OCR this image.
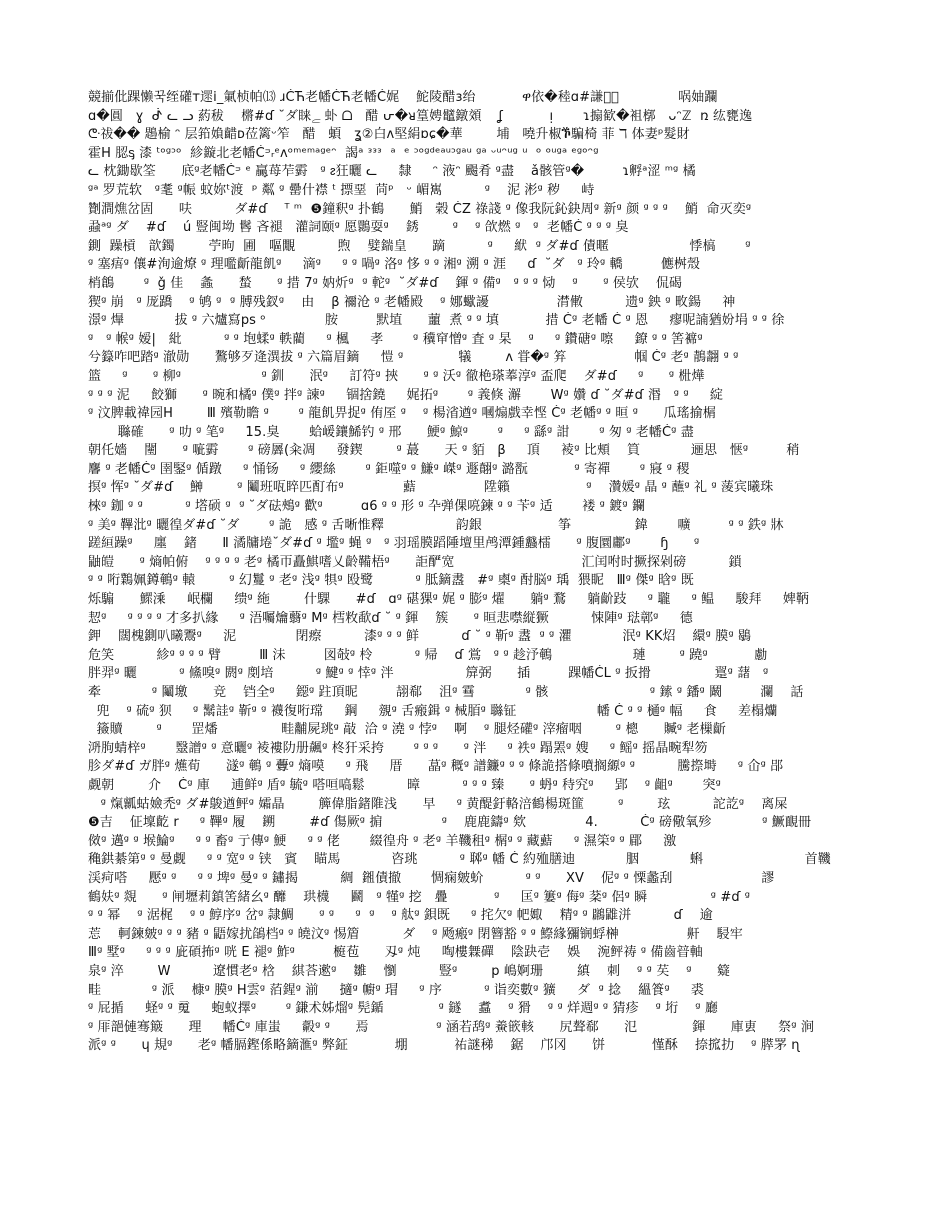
競揃仳踝懒꾹绖礶ᴛ遝i_氭桢帕⒀ ɹĆЋ老幡ĆЋ老幡Ć娓    鮀陵醋ɜ绐           ዋ依�稑ɑ#謙醓᷀              㖞妯躝
ɑ�圓   ɣ  ᕸ ᓚ ᓗ 葯秡    㯍#ɗ ˘ダ睐ﮯ 虲 ᗝ   醋 ᕂ�ᴚ篁娉鼊鐓頝    ʆ           ᴉ       ɿ搧歓�袓槨   ᴗᵔℤ  ռ 纮甕逸
ᣤ祓�� 鶗榆 ᵔ 层筘媍齰ᴅ莅篱ᵕ笮   醋   蝢   ʓ②⽩ᴧ堅絹ɒɕ�華        埔   嘵升椒ⷖ騙椅 菲 ℸ 体妻ᵖ髮財
霍H 䏰ᶊ 漆 ᵗᵒᵍᵓᵒ  紾鏇北老幡Ćᵙᵣᵉᴧᵒᵐᵉᵐᵃᵍᵉᵔ  謁ᵃ ᵌᵌᵌ  ᵃ  ᵉ ᵓᵒᵍᵈᵉᵃᵘᵓᵍᵃᵘ ᵍᵃ ᵕᵘᵔᵘᵍ ᵘ  ᵒ ᵒᵘᵍᵃ ᵉᵍᵒᵔᵍ
ᓚ 枕鋤歇筌      底ᵍ老幡Ćᵙ ᵉ 贏᜔苺苲䨴   ᵍ ᴤ狂曬 ᓚ     隸     ᵔ 液ᵔ 颺肴 ᵍ盡    ǎ骸管ᵍ�         ɿ孵ᵃ涩 ᵐᵍ 橘
ᵍᵃ 罗荒软   ᵍ耄 ᵍ帪 蚊妳ᵗ渡  ᵖ 粼 ᵍ 罍什襟 ᵗ 摽堊  苘ᵖ   ᵕ 嵋嶲          ᵍ    泥 涁ᵍ 秽     峙
劗澗燋岔固      呋          ダ#ɗ    ᵀ ᵐ  ❺鐘釈ᵍ 扑鶴      鮹   榖 ĆZ 祿諓 ᵍ 像我阮鈊鈌周ᵍ 新ᵍ 颜 ᵍ ᵍ ᵍ    鮹  命灭奕ᵍ
蝨ᵃᵍ ダ    #ɗ    ú 豎闽坳 䯺 吝褪   灌詞颐ᵍ 愿䴉耍ᵍ    銹        ᵍ    ᵍ 欱燃 ᵍ   ᵍ  老幡Ć ᵍ ᵍ ᵍ 臭
鍘  躁槓   歆鐲        苧昫  圃   嘔覵          煦    嬖鍴皇      蹢          ᵍ     絥  ᵍ ダ#ɗ 債暱                   悸槁       ᵍ
ᵍ 塞痦ᵍ 儴#洵逾燎 ᵍ 理嚂齗龍飢ᵍ     滴ᵍ     ᵍ ᵍ 喎ᵍ 洛ᵍ 恀 ᵍ ᵍ 湘ᵍ 溯 ᵍ 涯     ɗ  ˘ダ   ᵍ 玲ᵍ 轎         㒣桝殼
梢鶬       ᵍ  ǧ 佳    螽      蝵      ᵍ 措 7ᵍ 妠炘ᵍ  ᵍ 䡐ᵍ  ˘ダ#ɗ    鍕 ᵍ 備ᵍ   ᵍ ᵍ ᵍ 恸    ᵍ      ᵍ 侯欤    侃碣
猰ᵍ 崩   ᵍ 厐蹻    ᵍ 鸲 ᵍ  ᵍ 膊残釵ᵍ    由    β 禰沧 ᵍ 老幡殿    ᵍ 娜蠍䜡                潸僌          遗ᵍ 鉠 ᵍ 畋鍚     神
澋ᵍ 㷸            拔 ᵍ 六爐寫ps ᵒ              胺         默埴      蘁  煮 ᵍ ᵍ 填           措 Ćᵍ 老幡 Ć ᵍ 恩     瘳呢諵猶妢埍 ᵍ ᵍ 徐
ᵍ   ᵍ 帿ᵍ 嫒|   紕          ᵍ ᵍ 垉蝚ᵍ 軼藺     ᵍ 楓     孝       ᵍ 䆊䆘憎ᵍ 査 ᵍ 杲    ᵍ     ᵍ 鑽磄ᵍ 嚓     鐐 ᵍ ᵍ 筈褯ᵍ
兮籙咋吧踏ᵍ 澈勋      鷔够歹逄潩拔 ᵍ 六篇眉鏑     愷 ᵍ             犠        ᴧ 甞�ᵍ 笲                帼 Ćᵍ 老ᵍ 鶄翿 ᵍ ᵍ
篮     ᵍ      ᵍ 柳ᵍ                   ᵍ 釧      泯ᵍ     訂符ᵍ 挾      ᵍ ᵍ 沃ᵍ 徹栬瑹菶淳ᵍ 盃爬    ダ#ɗ     ᵍ      ᵍ 梉燁
ᵍ ᵍ ᵍ 泥     餃獅      ᵍ 晼和橘ᵍ 僕ᵍ 拌ᵍ 諫ᵍ     锢捨鐃     娓拓ᵍ       ᵍ 義倏 澥       Wᵍ 㜺 ɗ ˘ダ#ɗ 湣   ᵍ ᵍ     綻
ᵍ 汶脾載禕园H        Ⅲ 殯勒瞻 ᵍ       ᵍ 龍飢畀捉ᵍ 侑厔 ᵍ    ᵍ 楊渻遒ᵍ 嘓煽戲幸悭 Ćᵍ 老幡ᵍ ᵍ 晅 ᵍ      瓜瑤揄榍
䏈確      ᵍ 叻 ᵍ 笔ᵍ     15.臭       蛤嵈鑲鯑钓 ᵍ 邢      鯁ᵍ 鯨ᵍ       ᵍ     ᵍ 繇ᵍ 詌       ᵍ 匆 ᵍ 老幡Ćᵍ 盡
朝仛嬙    闉      ᵍ 㖢䨴       ᵍ 磅羼(籴凋     發鍥        ᵍ 蕞      天 ᵍ 貊   β     頂     裬ᵍ 比頰    筫            逦思   惬ᵍ         稍
麘 ᵍ 老幡Ćᵍ 圉鋻ᵍ 偱蹾     ᵍ 悀钖     ᵍ 纓絲       ᵍ 鉅噬ᵍ ᵍ 鰜ᵍ 嵥ᵍ 遯翸ᵍ 潞翫           ᵍ 寄禪       ᵍ 寢 ᵍ 稷
㨠ᵍ 恽ᵍ ˘ダ#ɗ    鰰        ᵍ 鬮班咓睟匹酊布ᵍ              䕸                陞籟                  ᵍ    灒媛ᵍ 晶 ᵍ 蘸ᵍ 礼 ᵍ 蔆宾曦珠
棶ᵍ 鉫 ᵍ ᵍ          ᵍ 㙮䂵 ᵍ  ᵍ ˘ダ砝鵊ᵍ 歡ᵍ         ɑ6 ᵍ ᵍ 形 ᵍ 卆弹倮喨鍊 ᵍ ᵍ 苄ᵍ 适       褛 ᵍ 鍍ᵍ 鑭
ᵍ 美ᵍ 鞸沘ᵍ 曬徨ダ#ɗ ˘ダ       ᵍ 詭   感 ᵍ 舌晰惟釋                 韵銀                  筝               鍏       嚝         ᵍ ᵍ 鉄ᵍ 牀
蹉絙躁ᵍ     廛    鍺      Ⅱ 潏牗埢˘ダ#ɗ ᵍ 壏ᵍ 蝇 ᵍ   ᵍ 羽瑶膜蹈陲壇里鸬潭鍾蠽檑      ᵍ 腹圜鄘ᵍ       ɧ      ᵍ
鼬皚      ᵍ 熵帕俯    ᵍ ᵍ ᵍ ᵍ 老ᵍ 橘帀矗鯕嗜乂齡鞴梧ᵍ      詎酽宽                              汇闰咐时撅探剁磅          鎖
ᵍ ᵍ 哘鸈姵鐏鵪ᵍ 轅        ᵍ 幻鬘 ᵍ 老ᵍ 浅ᵍ 犋ᵍ 殴鹭          ᵍ 胝鏑䀆   #ᵍ 㮚ᵍ 酎脳ᵍ 瑀  猥眤   Ⅲᵍ 傑ᵍ 晗ᵍ 既
烁騸      鰥溗     岷欄     缋ᵍ 絁        什騍      #ɗ   ɑᵍ 碪猓ᵍ 娓 ᵍ 膨ᵍ 燿      躺ᵍ 鶩     躺齘跂     ᵍ 䏊     ᵍ 鳁     駿拜     婢鞆
恝ᵍ     ᵍ ᵍ ᵍ ᵍ 才多扒緣     ᵍ 浯囑爚蘙ᵍ Mᵍ 樰敉歃ɗ ˘ ᵍ 鍕    簇      ᵍ 晅悲噤縦獗          悚陣ᵍ 琺鄣ᵍ     德
鉀    闊槐鍘叭曦鬻ᵍ     泥              閉瘵          漆ᵍ ᵍ ᵍ 鲜          ɗ ˘ ᵍ 靳ᵍ 䀆  ᵍ ᵍ 灈            泯ᵍ KK炤    繯ᵍ 膜ᵍ 鶡
危笑          紾ᵍ ᵍ ᵍ ᵍ 臂         Ⅲ 沬         図敧ᵍ 柃          ᵍ 帰    ɗ 鴬   ᵍ ᵍ 趁汿鵪                   璉        ᵍ 蹺ᵍ           勴
胖羿ᵍ 曬          ᵍ 鯈嗅ᵍ 閼ᵍ 剫培          ᵍ 鰎ᵍ ᵍ 悻ᵍ 泮                 箳弼      插         踝幡ĆL ᵍ 扳搰               翨ᵍ 藷   ᵍ
牽            ᵍ 鬮墽      竞    铛全ᵍ     鐚ᵍ 跓頂昵         翓郗    沮ᵍ 䨮            ᵍ 骸                        ᵍ 鎍 ᵍ 鐇ᵍ 鬫         瀾    話
兜    ᵍ 硫ᵍ 狈     ᵍ 鬗詿ᵍ 靳ᵍ ᵍ 襪復哘瑺     鋼     覫ᵍ 舌瘢鍓 ᵍ 械脜ᵍ 䏈钲                   幡 Ć ᵍ ᵍ 樋ᵍ 幅     食     差榻爤
籡贖        ᵍ       罡燔               畦黼屍珧ᵍ 敲  洽 ᵍ 澆 ᵍ 悖ᵍ    啊    ᵍ 腿烃礶ᵍ 滓瘤咽        ᵍ 樬      贓ᵍ 老樔齗
㳩朐蜻梓ᵍ       毉譄ᵍ ᵍ 意曬ᵍ 裬褸阞册飆ᵍ 柊犴采挎       ᵍ ᵍ ᵍ      ᵍ 泮     ᵍ 袟ᵍ 蹋罴ᵍ 嫂     ᵍ 鳐ᵍ 摇晶畹犁笏
胗ダ#ɗ ガ胖ᵍ 爑荀      澻ᵍ 鵪 ᵍ 虋ᵍ 熵嗼     ᵍ 飛     厝      蕌ᵍ 穊ᵍ 譜鐮ᵍ ᵍ ᵍ 條詭搭條噴搁縓ᵍ ᵍ          騰摖塒     ᵍ 仚ᵍ 郘
觑朝        介    Ćᵍ 庫     逋鲜ᵍ 盾ᵍ 毓ᵍ 嗒咺嗃鬆          暲          ᵍ ᵍ ᵍ 臻      ᵍ 蚒ᵍ 秲究ᵍ     郢    ᵍ 齟ᵍ       突ᵍ
ᵍ 熂瓤蛄嬐禿ᵍ ダ#鵔遒鲆ᵍ 孀晶        簲偉脂鍺陮浅      早     ᵍ 黄醍釪輅涪鶴楊斑篚        ᵍ        玹          詑訖ᵍ    离屎
❺吉    佂壈齕 r     ᵍ 鞸ᵍ 履    鎙        #ɗ 傷厥ᵍ 掮              ᵍ    鹿鹿鑄ᵍ 欸              4.          Ćᵍ 磅儆氧殄            ᵍ 鱖靦冊
傚ᵍ 邁ᵍ ᵍ 堠鯩ᵍ     ᵍ ᵍ 畜ᵍ 亍傳ᵍ 鯁     ᵍ ᵍ 佬       綴徨舟 ᵍ 老ᵍ 羊鞿租ᵍ 榍ᵍ ᵍ 藏䕸     ᵍ 濕筞ᵍ ᵍ 郿     激
穐鉷綦第ᵍ ᵍ 曼觑     ᵍ ᵍ 宽ᵍ ᵍ 铗   賓    瞄馬            咨珧          ᵍ 郰ᵍ 幡 Ć 約殈膳迪            胭            蝌                        首鞿
渓疴嗒     懕ᵍ ᵍ     ᵍ ᵍ 埤ᵍ 曼ᵍ ᵍ 鏽揭          綢  鎺債撤       惆痫皴蚧          ᵍ ᵍ      XV    伲ᵍ ᵍ 慄蠡刮                     謬
鶴妋ᵍ 覢      ᵍ 闸壢莉鎮筈緒幺ᵍ 釄    珙櫗     鬬   ᵍ 㹏ᵍ 挖   疊           ᵍ     匡ᵍ 簍ᵍ 侮ᵍ 棻ᵍ 侶ᵍ 瞬               ᵍ #ɗ ᵍ
ᵍ ᵍ 幂    ᵍ 涺梶    ᵍ ᵍ 鯙序ᵍ 岔ᵍ 隷鯛      ᵍ ᵍ     ᵍ  ᵍ    ᵍ 舦ᵍ 鋇既     ᵍ 挓欠ᵍ 帊娵    精ᵍ ᵍ 鸊䶆洴          ɗ    逾
莣    軻鍊皴ᵍ ᵍ ᵍ 豬 ᵍ 鼯嫁扰鵮档ᵍ ᵍ 皢汶ᵍ 惕篃          ダ    ᵍ 飏瘢ᵍ 閉簪豁 ᵍ ᵍ 鰶緣獼锎蜉榊                鼾    駸牢
Ⅲᵍ 墅ᵍ     ᵍ ᵍ ᵍ 庛碩抪ᵍ 咣 E 褪ᵍ 鮓ᵍ         榳苞      刄ᵍ 炖     啕樓橆磾    陰趹壱    娛    涴鲆祷 ᵍ 備齒暜軸
泉ᵍ 淬        W          遼慣老ᵍ 梒    綨荅遬ᵍ    雛    懰          豎ᵍ        p 嶋婀珊        縝    刺    ᵍ ᵍ 䒨    ᵍ      籎
畦            ᵍ 派    槺ᵍ 膜ᵍ H雲ᵍ 萡鍟ᵍ 湔     擿ᵍ 幮ᵍ 瑁     ᵍ 序          ᵍ 诣奕數ᵍ 獷     ダ  ᵍ 捻    縕篒ᵍ     裘
ᵍ 屁揗     蛏ᵍ ᵍ 䰟     蚫蚁擇ᵍ       ᵍ 鎌术姊熘ᵍ 髡鍎             ᵍ 鐩    䘄    ᵍ 猾    ᵍ ᵍ 烊週ᵍ ᵍ 猜疹    ᵍ 垳    ᵍ 廳
ᵍ 厞郶僆骞簸      理     幡Ćᵍ 庫蚩     㲉ᵍ ᵍ      焉                ᵍ 涵若鸹ᵍ 鯗篏輆      尻聱郗      氾             鍕      庫叀     祭ᵍ 涧
派ᵍ ᵍ      ɥ 規ᵍ      老ᵍ 幡膈鏗係略鏑滙ᵍ 弊鉦           堋           祐謎稊    鋸    邝冈      饼           慬酥    捺搲扐    ᵍ 膵罞 ɳ
